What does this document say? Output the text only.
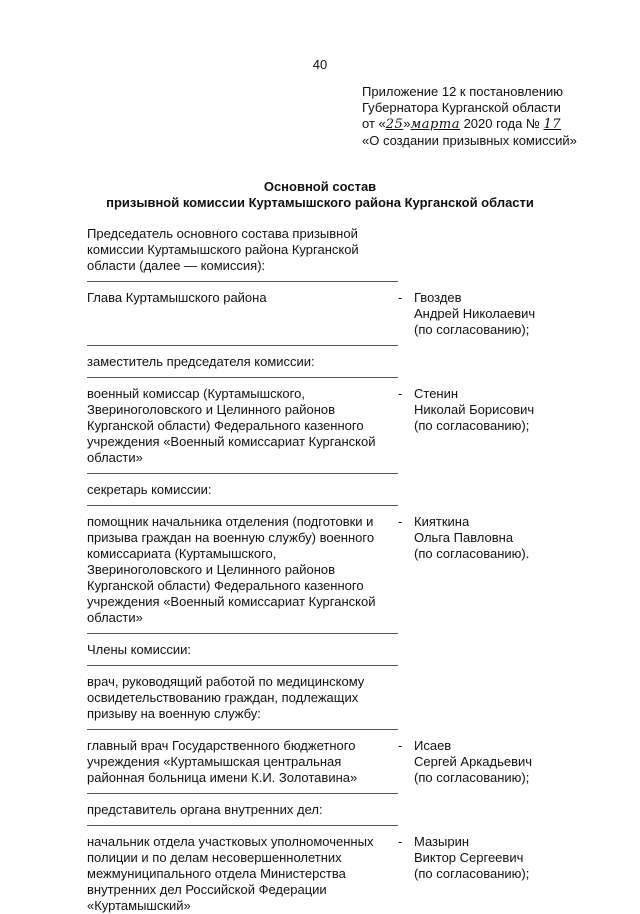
40
Приложение 12 к постановлению
Губернатора Курганской области
от «25»марта 2020 года № 17
«О создании призывных комиссий»
Основной состав
призывной комиссии Куртамышского района Курганской области
Председатель основного состава призывной
комиссии Куртамышского района Курганской
области (далее — комиссия):
Глава Куртамышского района	- Гвоздев
Андрей Николаевич
(по согласованию);
заместитель председателя комиссии:
военный комиссар (Куртамышского,
Звериноголовского и Целинного районов
Курганской области) Федерального казенного
учреждения «Военный комиссариат Курганской
области»
- Стенин
Николай Борисович
(по согласованию);
секретарь комиссии:
помощник начальника отделения (подготовки и
призыва граждан на военную службу) военного
комиссариата (Куртамышского,
Звериноголовского и Целинного районов
Курганской области) Федерального казенного
учреждения «Военный комиссариат Курганской
области»
- Кияткина
Ольга Павловна
(по согласованию).
Члены комиссии:
врач, руководящий работой по медицинскому
освидетельствованию граждан, подлежащих
призыву на военную службу:
главный врач Государственного бюджетного
учреждения «Куртамышская центральная
районная больница имени К.И. Золотавина»
- Исаев
Сергей Аркадьевич
(по согласованию);
представитель органа внутренних дел:
начальник отдела участковых уполномоченных
полиции и по делам несовершеннолетних
межмуниципального отдела Министерства
внутренних дел Российской Федерации
«Куртамышский»
- Мазырин
Виктор Сергеевич
(по согласованию);
